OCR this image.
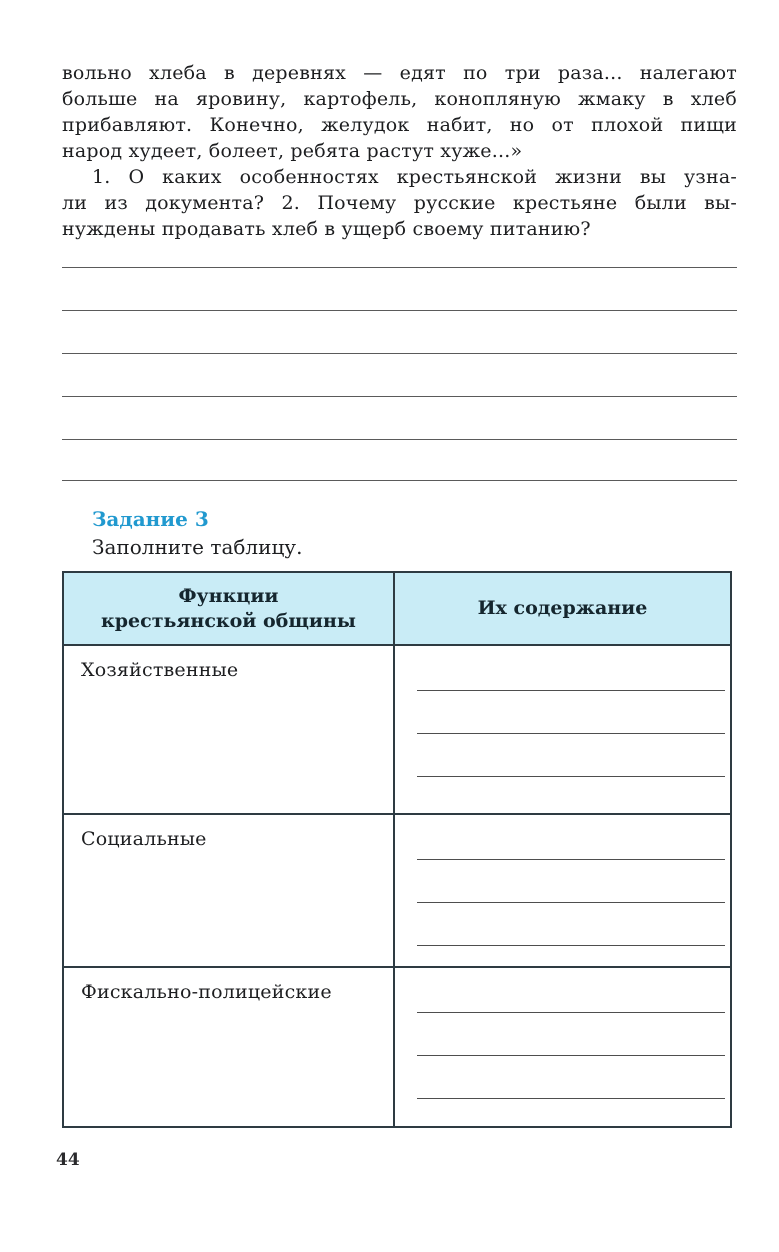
вольно хлеба в деревнях — едят по три раза... налегают

больше на яровину, картофель, конопляную жмаку в хлеб

прибавляют. Конечно, желудок набит, но от плохой пищи

народ худеет, болеет, ребята растут хуже...»

1. О каких особенностях крестьянской жизни вы узна-

ли из документа? 2. Почему русские крестьяне были вы-

нуждены продавать хлеб в ущерб своему питанию?

Задание 3

Заполните таблицу.

Функции
крестьянской общины	Их содержание
Хозяйственные	

Социальные	

Фискально-полицейские	
44
